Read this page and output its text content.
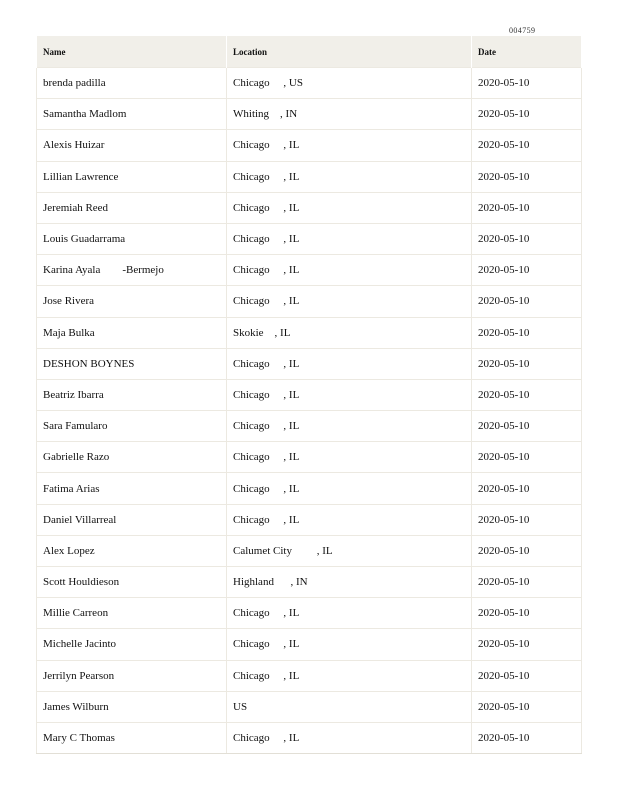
004759
Name	Location	Date
brenda padilla	Chicago     , US	2020-05-10
Samantha Madlom	Whiting    , IN	2020-05-10
Alexis Huizar	Chicago     , IL	2020-05-10
Lillian Lawrence	Chicago     , IL	2020-05-10
Jeremiah Reed	Chicago     , IL	2020-05-10
Louis Guadarrama	Chicago     , IL	2020-05-10
Karina Ayala        -Bermejo	Chicago     , IL	2020-05-10
Jose Rivera	Chicago     , IL	2020-05-10
Maja Bulka	Skokie    , IL	2020-05-10
DESHON BOYNES	Chicago     , IL	2020-05-10
Beatriz Ibarra	Chicago     , IL	2020-05-10
Sara Famularo	Chicago     , IL	2020-05-10
Gabrielle Razo	Chicago     , IL	2020-05-10
Fatima Arias	Chicago     , IL	2020-05-10
Daniel Villarreal	Chicago     , IL	2020-05-10
Alex Lopez	Calumet City         , IL	2020-05-10
Scott Houldieson	Highland      , IN	2020-05-10
Millie Carreon	Chicago     , IL	2020-05-10
Michelle Jacinto	Chicago     , IL	2020-05-10
Jerrilyn Pearson	Chicago     , IL	2020-05-10
James Wilburn	US	2020-05-10
Mary C Thomas	Chicago     , IL	2020-05-10
